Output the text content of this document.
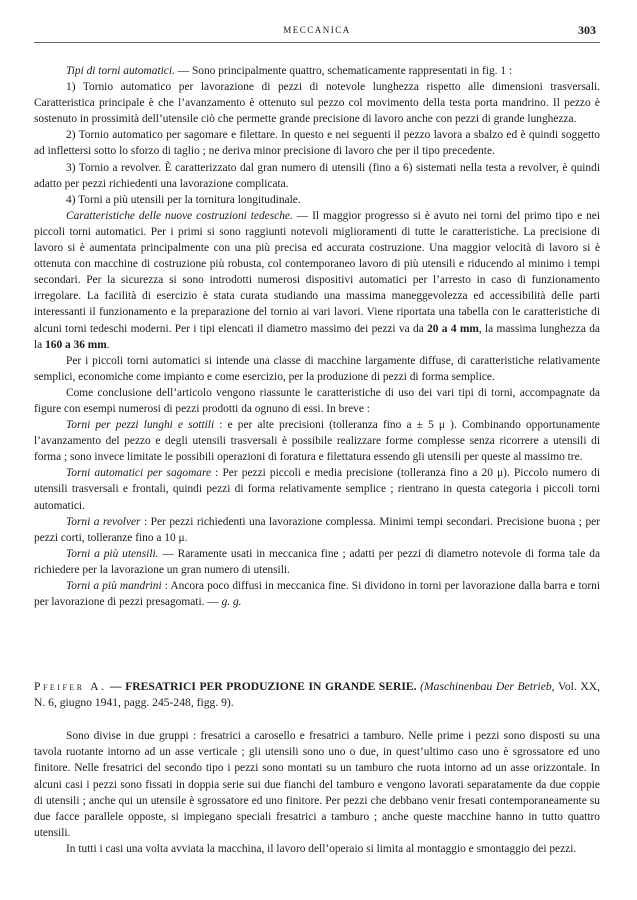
MECCANICA	303

Tipi di torni automatici. — Sono principalmente quattro, schematicamente rappresentati in fig. 1 :

1) Tornio automatico per lavorazione di pezzi di notevole lunghezza rispetto alle dimensioni trasversali. Caratteristica principale è che l’avanzamento è ottenuto sul pezzo col movimento della testa porta mandrino. Il pezzo è sostenuto in prossimità dell’utensile ciò che permette grande precisione di lavoro anche con pezzi di grande lunghezza.

2) Tornio automatico per sagomare e filettare. In questo e nei seguenti il pezzo lavora a sbalzo ed è quindi soggetto ad inflettersi sotto lo sforzo di taglio ; ne deriva minor precisione di lavoro che per il tipo precedente.

3) Tornio a revolver. È caratterizzato dal gran numero di utensili (fino a 6) sistemati nella testa a revolver, è quindi adatto per pezzi richiedenti una lavorazione complicata.

4) Torni a più utensili per la tornitura longitudinale.

Caratteristiche delle nuove costruzioni tedesche. — Il maggior progresso si è avuto nei torni del primo tipo e nei piccoli torni automatici. Per i primi si sono raggiunti notevoli miglioramenti di tutte le caratteristiche. La precisione di lavoro si è aumentata principalmente con una più precisa ed accurata costruzione. Una maggior velocità di lavoro si è ottenuta con macchine di costruzione più robusta, col contemporaneo lavoro di più utensili e riducendo al minimo i tempi secondari. Per la sicurezza si sono introdotti numerosi dispositivi automatici per l’arresto in caso di funzionamento irregolare. La facilità di esercizio è stata curata studiando una massima maneggevolezza ed accessibilità delle parti interessanti il funzionamento e la preparazione del tornio ai vari lavori. Viene riportata una tabella con le caratteristiche di alcuni torni tedeschi moderni. Per i tipi elencati il diametro massimo dei pezzi va da 20 a 4 mm, la massima lunghezza da la 160 a 36 mm.

Per i piccoli torni automatici si intende una classe di macchine largamente diffuse, di caratteristiche relativamente semplici, economiche come impianto e come esercizio, per la produzione di pezzi di forma semplice.

Come conclusione dell’articolo vengono riassunte le caratteristiche di uso dei vari tipi di torni, accompagnate da figure con esempi numerosi di pezzi prodotti da ognuno di essi. In breve :

Torni per pezzi lunghi e sottili : e per alte precisioni (tolleranza fino a ± 5 μ ). Combinando opportunamente l’avanzamento del pezzo e degli utensili trasversali è possibile realizzare forme complesse senza ricorrere a utensili di forma ; sono invece limitate le possibili operazioni di foratura e filettatura essendo gli utensili per queste al massimo tre.

Torni automatici per sagomare : Per pezzi piccoli e media precisione (tolleranza fino a 20 μ). Piccolo numero di utensili trasversali e frontali, quindi pezzi di forma relativamente semplice ; rientrano in questa categoria i piccoli torni automatici.

Torni a revolver : Per pezzi richiedenti una lavorazione complessa. Minimi tempi secondari. Precisione buona ; per pezzi corti, tolleranze fino a 10 μ.

Torni a più utensili. — Raramente usati in meccanica fine ; adatti per pezzi di diametro notevole di forma tale da richiedere per la lavorazione un gran numero di utensili.

Torni a più mandrini : Ancora poco diffusi in meccanica fine. Si dividono in torni per lavorazione dalla barra e torni per lavorazione di pezzi presagomati. — g. g.

Pfeifer A. — FRESATRICI PER PRODUZIONE IN GRANDE SERIE. (Maschinenbau Der Betrieb, Vol. XX, N. 6, giugno 1941, pagg. 245-248, figg. 9).

Sono divise in due gruppi : fresatrici a carosello e fresatrici a tamburo. Nelle prime i pezzi sono disposti su una tavola ruotante intorno ad un asse verticale ; gli utensili sono uno o due, in quest’ultimo caso uno è sgrossatore ed uno finitore. Nelle fresatrici del secondo tipo i pezzi sono montati su un tamburo che ruota intorno ad un asse orizzontale. In alcuni casi i pezzi sono fissati in doppia serie sui due fianchi del tamburo e vengono lavorati separatamente da due coppie di utensili ; anche qui un utensile è sgrossatore ed uno finitore. Per pezzi che debbano venir fresati contemporaneamente su due facce parallele opposte, si impiegano speciali fresatrici a tamburo ; anche queste macchine hanno in tutto quattro utensili.

In tutti i casi una volta avviata la macchina, il lavoro dell’operaio si limita al montaggio e smontaggio dei pezzi.
